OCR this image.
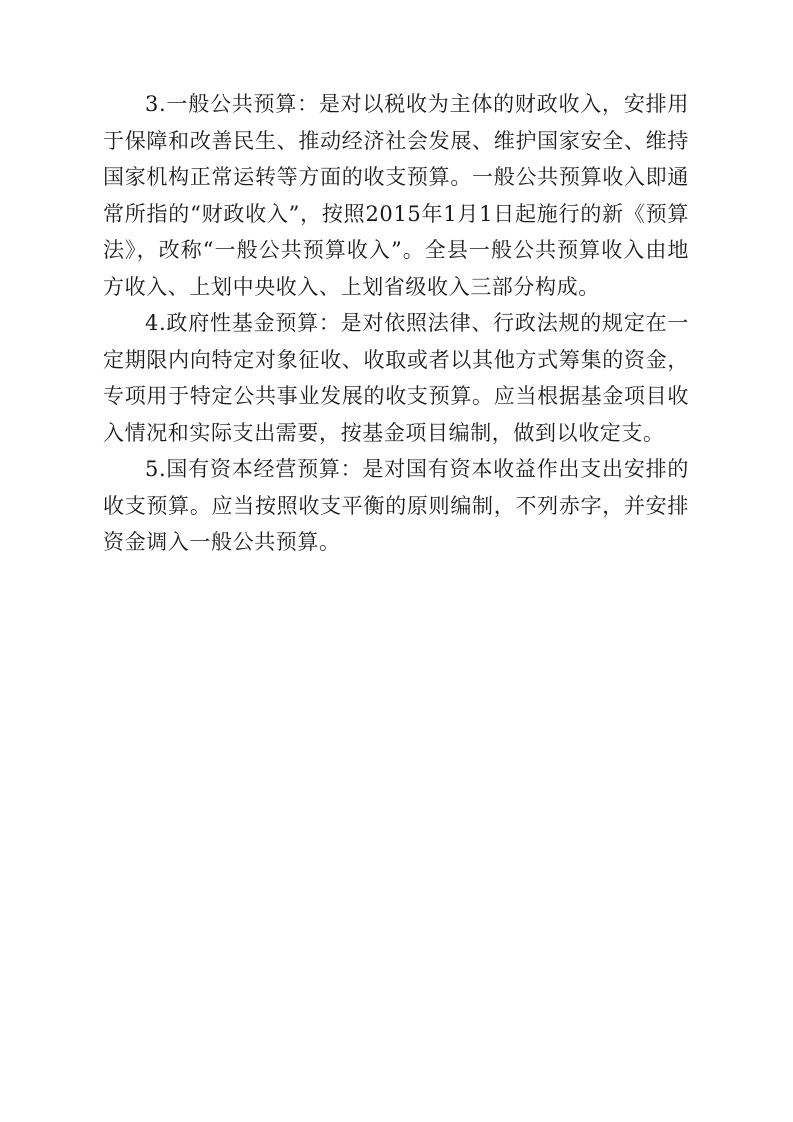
3.一般公共预算：是对以税收为主体的财政收入，安排用于保障和改善民生、推动经济社会发展、维护国家安全、维持国家机构正常运转等方面的收支预算。一般公共预算收入即通常所指的“财政收入”，按照2015年1月1日起施行的新《预算法》，改称“一般公共预算收入”。全县一般公共预算收入由地方收入、上划中央收入、上划省级收入三部分构成。

4.政府性基金预算：是对依照法律、行政法规的规定在一定期限内向特定对象征收、收取或者以其他方式筹集的资金，专项用于特定公共事业发展的收支预算。应当根据基金项目收入情况和实际支出需要，按基金项目编制，做到以收定支。

5.国有资本经营预算：是对国有资本收益作出支出安排的收支预算。应当按照收支平衡的原则编制，不列赤字，并安排资金调入一般公共预算。
